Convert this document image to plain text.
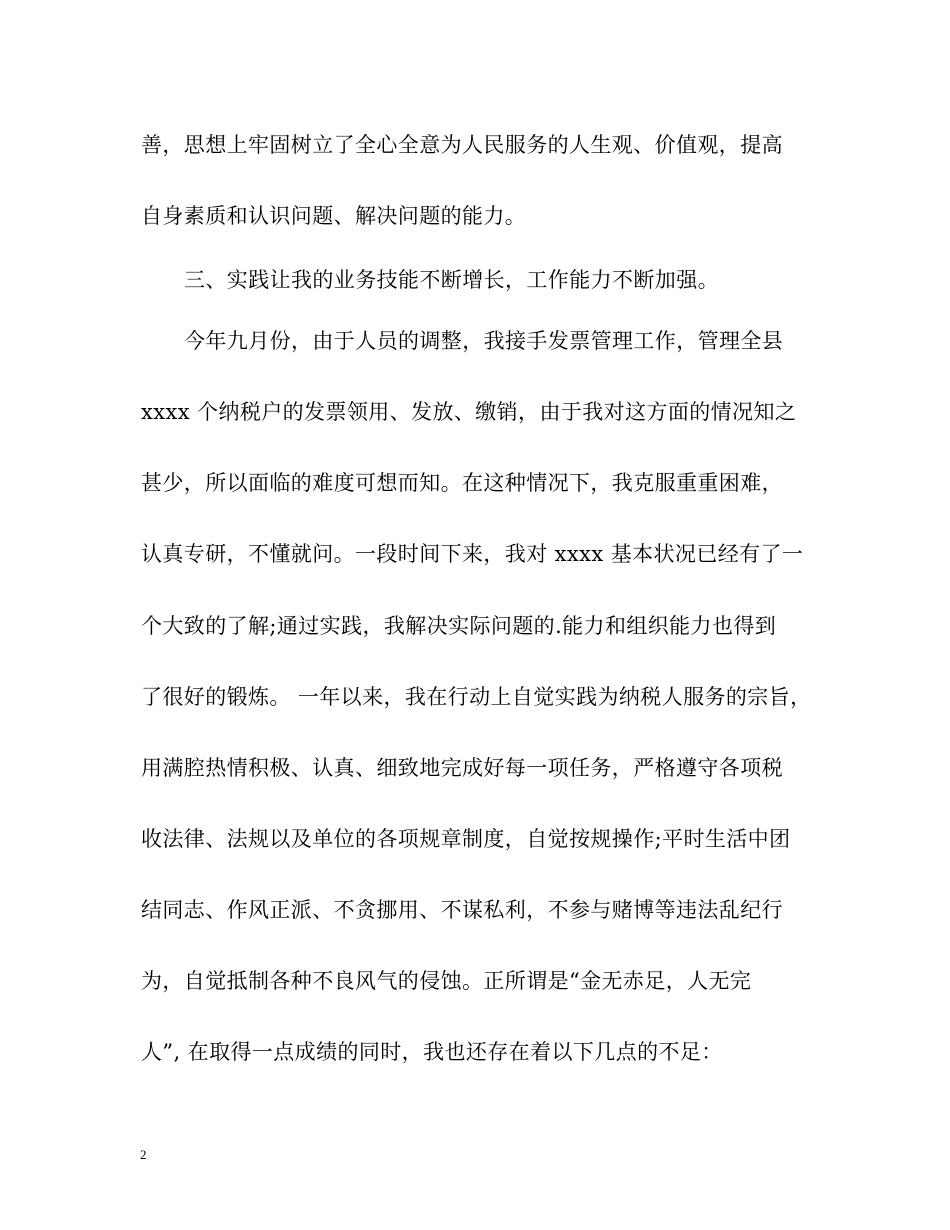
善，思想上牢固树立了全心全意为人民服务的人生观、价值观，提高
自身素质和认识问题、解决问题的能力。
三、实践让我的业务技能不断增长，工作能力不断加强。
今年九月份，由于人员的调整，我接手发票管理工作，管理全县
xxxx 个纳税户的发票领用、发放、缴销，由于我对这方面的情况知之
甚少，所以面临的难度可想而知。在这种情况下，我克服重重困难，
认真专研，不懂就问。一段时间下来，我对 xxxx 基本状况已经有了一
个大致的了解;通过实践，我解决实际问题的.能力和组织能力也得到
了很好的锻炼。 一年以来，我在行动上自觉实践为纳税人服务的宗旨，
用满腔热情积极、认真、细致地完成好每一项任务，严格遵守各项税
收法律、法规以及单位的各项规章制度，自觉按规操作;平时生活中团
结同志、作风正派、不贪挪用、不谋私利，不参与赌博等违法乱纪行
为，自觉抵制各种不良风气的侵蚀。正所谓是“金无赤足，人无完
人”, 在取得一点成绩的同时，我也还存在着以下几点的不足：
2
